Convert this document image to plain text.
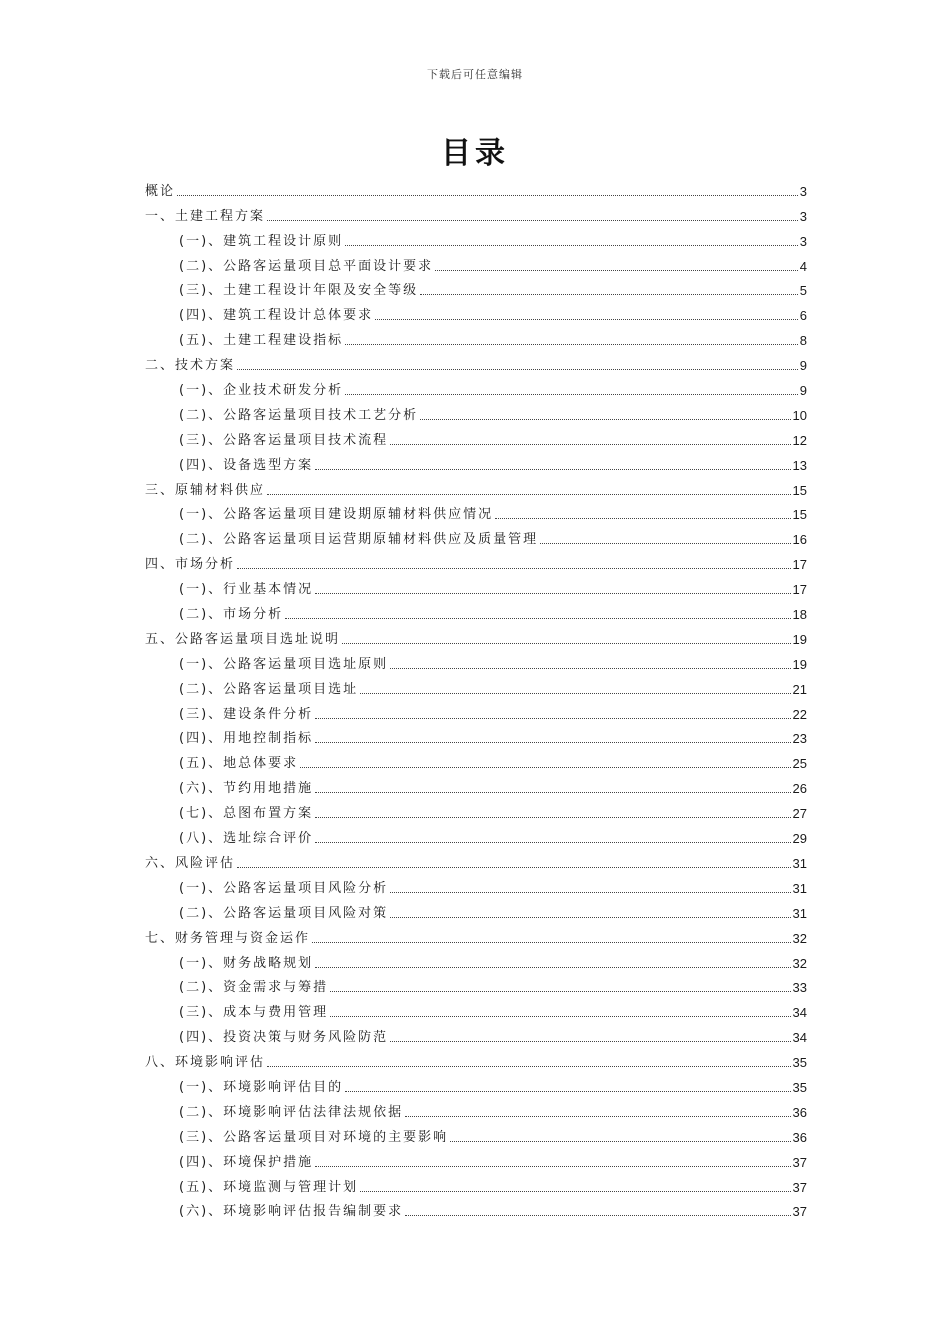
下载后可任意编辑
目录
概论	3
一、土建工程方案	3
(一)、建筑工程设计原则	3
(二)、公路客运量项目总平面设计要求	4
(三)、土建工程设计年限及安全等级	5
(四)、建筑工程设计总体要求	6
(五)、土建工程建设指标	8
二、技术方案	9
(一)、企业技术研发分析	9
(二)、公路客运量项目技术工艺分析	10
(三)、公路客运量项目技术流程	12
(四)、设备选型方案	13
三、原辅材料供应	15
(一)、公路客运量项目建设期原辅材料供应情况	15
(二)、公路客运量项目运营期原辅材料供应及质量管理	16
四、市场分析	17
(一)、行业基本情况	17
(二)、市场分析	18
五、公路客运量项目选址说明	19
(一)、公路客运量项目选址原则	19
(二)、公路客运量项目选址	21
(三)、建设条件分析	22
(四)、用地控制指标	23
(五)、地总体要求	25
(六)、节约用地措施	26
(七)、总图布置方案	27
(八)、选址综合评价	29
六、风险评估	31
(一)、公路客运量项目风险分析	31
(二)、公路客运量项目风险对策	31
七、财务管理与资金运作	32
(一)、财务战略规划	32
(二)、资金需求与筹措	33
(三)、成本与费用管理	34
(四)、投资决策与财务风险防范	34
八、环境影响评估	35
(一)、环境影响评估目的	35
(二)、环境影响评估法律法规依据	36
(三)、公路客运量项目对环境的主要影响	36
(四)、环境保护措施	37
(五)、环境监测与管理计划	37
(六)、环境影响评估报告编制要求	37
